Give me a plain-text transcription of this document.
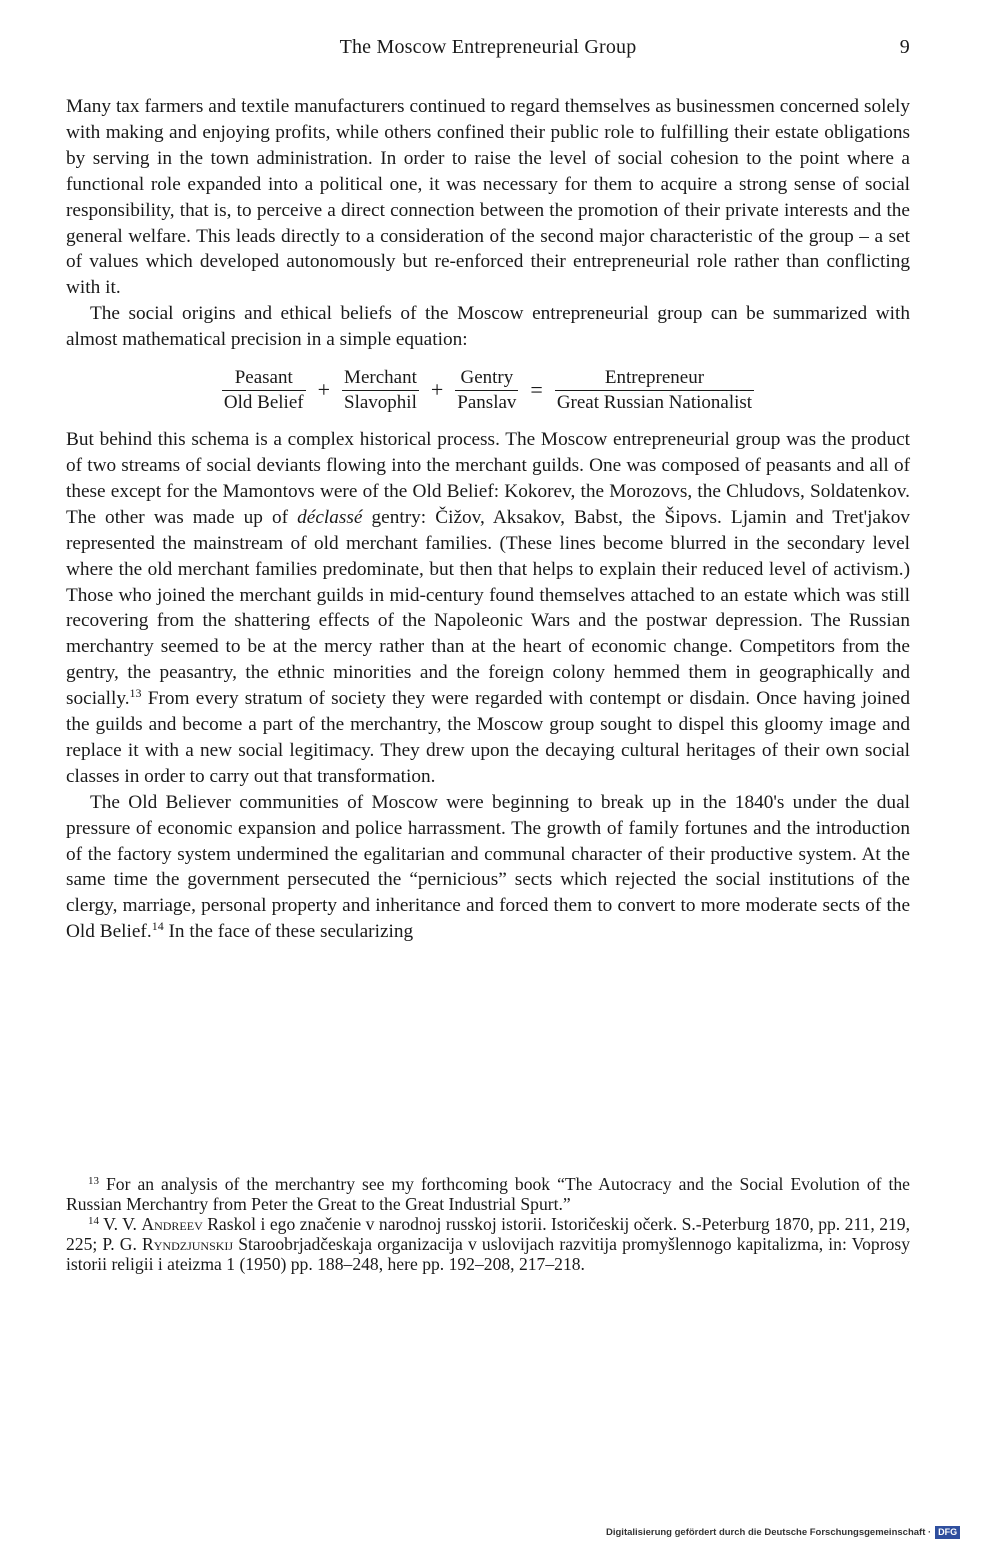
The Moscow Entrepreneurial Group	9

Many tax farmers and textile manufacturers continued to regard themselves as businessmen concerned solely with making and enjoying profits, while others confined their public role to fulfilling their estate obligations by serving in the town administration. In order to raise the level of social cohesion to the point where a functional role expanded into a political one, it was necessary for them to acquire a strong sense of social responsibility, that is, to perceive a direct connection between the promotion of their private interests and the general welfare. This leads directly to a consideration of the second major characteristic of the group – a set of values which developed autonomously but re-enforced their entrepreneurial role rather than conflicting with it.

The social origins and ethical beliefs of the Moscow entrepreneurial group can be summarized with almost mathematical precision in a simple equation:

$\frac{\text{Peasant}}{\text{Old Belief}} + \frac{\text{Merchant}}{\text{Slavophil}} + \frac{\text{Gentry}}{\text{Panslav}} = \frac{\text{Entrepreneur}}{\text{Great Russian Nationalist}}$

But behind this schema is a complex historical process. The Moscow entrepreneurial group was the product of two streams of social deviants flowing into the merchant guilds. One was composed of peasants and all of these except for the Mamontovs were of the Old Belief: Kokorev, the Morozovs, the Chludovs, Soldatenkov. The other was made up of déclassé gentry: Čižov, Aksakov, Babst, the Šipovs. Ljamin and Tret'jakov represented the mainstream of old merchant families. (These lines become blurred in the secondary level where the old merchant families predominate, but then that helps to explain their reduced level of activism.) Those who joined the merchant guilds in mid-century found themselves attached to an estate which was still recovering from the shattering effects of the Napoleonic Wars and the postwar depression. The Russian merchantry seemed to be at the mercy rather than at the heart of economic change. Competitors from the gentry, the peasantry, the ethnic minorities and the foreign colony hemmed them in geographically and socially.$^{13}$ From every stratum of society they were regarded with contempt or disdain. Once having joined the guilds and become a part of the merchantry, the Moscow group sought to dispel this gloomy image and replace it with a new social legitimacy. They drew upon the decaying cultural heritages of their own social classes in order to carry out that transformation.

The Old Believer communities of Moscow were beginning to break up in the 1840's under the dual pressure of economic expansion and police harrassment. The growth of family fortunes and the introduction of the factory system undermined the egalitarian and communal character of their productive system. At the same time the government persecuted the “pernicious” sects which rejected the social institutions of the clergy, marriage, personal property and inheritance and forced them to convert to more moderate sects of the Old Belief.$^{14}$ In the face of these secularizing

$^{13}$ For an analysis of the merchantry see my forthcoming book “The Autocracy and the Social Evolution of the Russian Merchantry from Peter the Great to the Great Industrial Spurt.”

$^{14}$ V. V. Andreev Raskol i ego značenie v narodnoj russkoj istorii. Istoričeskij očerk. S.-Peterburg 1870, pp. 211, 219, 225; P. G. Ryndzjunskij Staroobrjadčeskaja organizacija v uslovijach razvitija promyšlennogo kapitalizma, in: Voprosy istorii religii i ateizma 1 (1950) pp. 188–248, here pp. 192–208, 217–218.

Digitalisierung gefördert durch die Deutsche Forschungsgemeinschaft · DFG
